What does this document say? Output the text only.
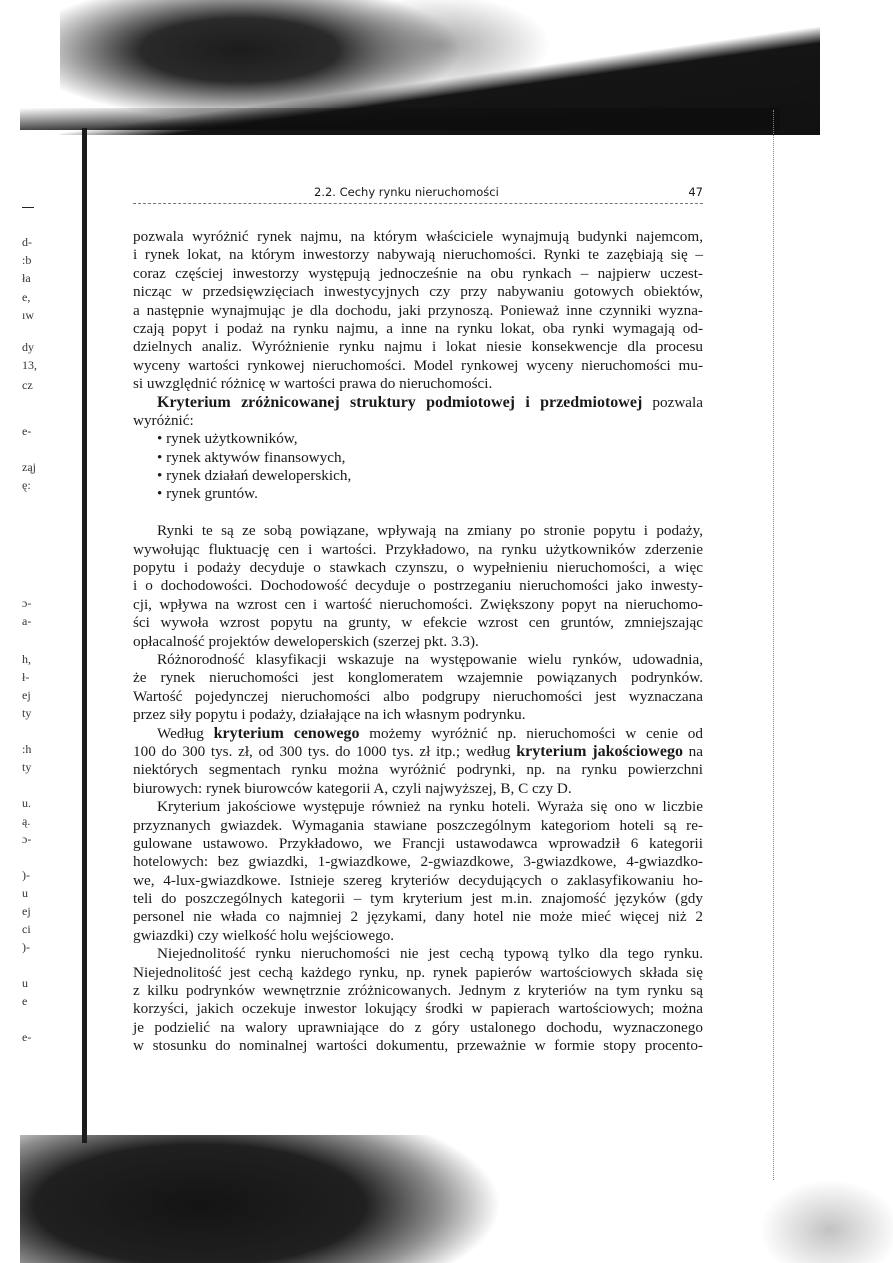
2.2. Cechy rynku nieruchomości	47
pozwala wyróżnić rynek najmu, na którym właściciele wynajmują budynki najemcom,
i rynek lokat, na którym inwestorzy nabywają nieruchomości. Rynki te zazębiają się –
coraz częściej inwestorzy występują jednocześnie na obu rynkach – najpierw uczest-
nicząc w przedsięwzięciach inwestycyjnych czy przy nabywaniu gotowych obiektów,
a następnie wynajmując je dla dochodu, jaki przynoszą. Ponieważ inne czynniki wyzna-
czają popyt i podaż na rynku najmu, a inne na rynku lokat, oba rynki wymagają od-
dzielnych analiz. Wyróżnienie rynku najmu i lokat niesie konsekwencje dla procesu
wyceny wartości rynkowej nieruchomości. Model rynkowej wyceny nieruchomości mu-
si uwzględnić różnicę w wartości prawa do nieruchomości.
Kryterium zróżnicowanej struktury podmiotowej i przedmiotowej pozwala
wyróżnić:
• rynek użytkowników,
• rynek aktywów finansowych,
• rynek działań deweloperskich,
• rynek gruntów.
Rynki te są ze sobą powiązane, wpływają na zmiany po stronie popytu i podaży,
wywołując fluktuację cen i wartości. Przykładowo, na rynku użytkowników zderzenie
popytu i podaży decyduje o stawkach czynszu, o wypełnieniu nieruchomości, a więc
i o dochodowości. Dochodowość decyduje o postrzeganiu nieruchomości jako inwesty-
cji, wpływa na wzrost cen i wartość nieruchomości. Zwiększony popyt na nieruchomo-
ści wywoła wzrost popytu na grunty, w efekcie wzrost cen gruntów, zmniejszając
opłacalność projektów deweloperskich (szerzej pkt. 3.3).
Różnorodność klasyfikacji wskazuje na występowanie wielu rynków, udowadnia,
że rynek nieruchomości jest konglomeratem wzajemnie powiązanych podrynków.
Wartość pojedynczej nieruchomości albo podgrupy nieruchomości jest wyznaczana
przez siły popytu i podaży, działające na ich własnym podrynku.
Według kryterium cenowego możemy wyróżnić np. nieruchomości w cenie od
100 do 300 tys. zł, od 300 tys. do 1000 tys. zł itp.; według kryterium jakościowego na
niektórych segmentach rynku można wyróżnić podrynki, np. na rynku powierzchni
biurowych: rynek biurowców kategorii A, czyli najwyższej, B, C czy D.
Kryterium jakościowe występuje również na rynku hoteli. Wyraża się ono w liczbie
przyznanych gwiazdek. Wymagania stawiane poszczególnym kategoriom hoteli są re-
gulowane ustawowo. Przykładowo, we Francji ustawodawca wprowadził 6 kategorii
hotelowych: bez gwiazdki, 1-gwiazdkowe, 2-gwiazdkowe, 3-gwiazdkowe, 4-gwiazdko-
we, 4-lux-gwiazdkowe. Istnieje szereg kryteriów decydujących o zaklasyfikowaniu ho-
teli do poszczególnych kategorii – tym kryterium jest m.in. znajomość języków (gdy
personel nie włada co najmniej 2 językami, dany hotel nie może mieć więcej niż 2
gwiazdki) czy wielkość holu wejściowego.
Niejednolitość rynku nieruchomości nie jest cechą typową tylko dla tego rynku.
Niejednolitość jest cechą każdego rynku, np. rynek papierów wartościowych składa się
z kilku podrynków wewnętrznie zróżnicowanych. Jednym z kryteriów na tym rynku są
korzyści, jakich oczekuje inwestor lokujący środki w papierach wartościowych; można
je podzielić na walory uprawniające do z góry ustalonego dochodu, wyznaczonego
w stosunku do nominalnej wartości dokumentu, przeważnie w formie stopy procento-
d-
:b
ła
e,
ıw
dy
13,
cz
e-
ząj
ę:
ɔ-
a-
h,
ł-
ej
ty
:h
ty
u.
ą.
ɔ-
)-
u
ej
ci
)-
u
e
e-
